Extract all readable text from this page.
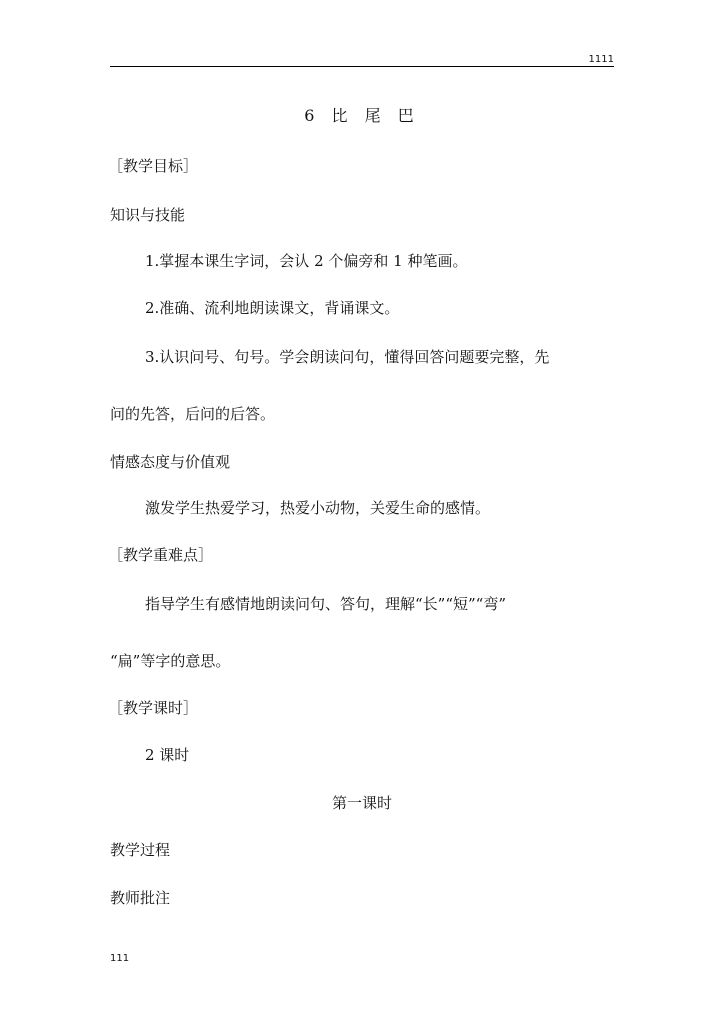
1111
6 比 尾 巴
［教学目标］
知识与技能
1.掌握本课生字词，会认 2 个偏旁和 1 种笔画。
2.准确、流利地朗读课文，背诵课文。
3.认识问号、句号。学会朗读问句，懂得回答问题要完整，先
问的先答，后问的后答。
情感态度与价值观
激发学生热爱学习，热爱小动物，关爱生命的感情。
［教学重难点］
指导学生有感情地朗读问句、答句，理解“长”“短”“弯”
“扁”等字的意思。
［教学课时］
2 课时
第一课时
教学过程
教师批注
111
